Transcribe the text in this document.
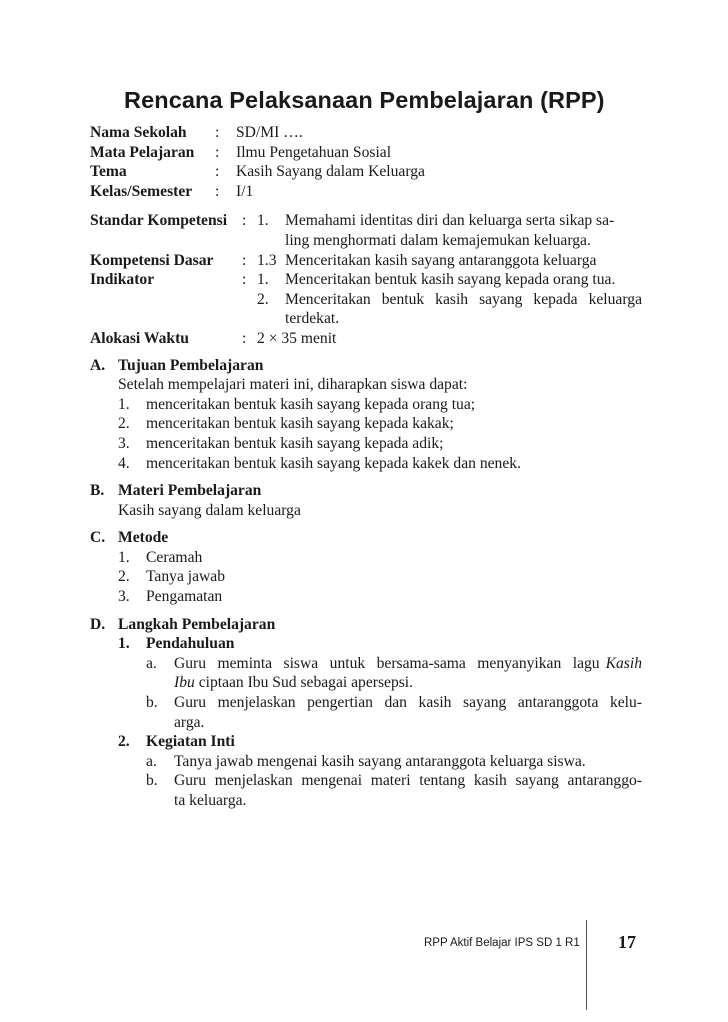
Rencana Pelaksanaan Pembelajaran (RPP)
Nama Sekolah : SD/MI ….
Mata Pelajaran : Ilmu Pengetahuan Sosial
Tema	: Kasih Sayang dalam Keluarga
Kelas/Semester : I/1
Standar Kompetensi : 1. Memahami identitas diri dan keluarga serta sikap sa-
ling menghormati dalam kemajemukan keluarga.
Kompetensi Dasar : 1.3 Menceritakan kasih sayang antaranggota keluarga
Indikator	: 1. Menceritakan bentuk kasih sayang kepada orang tua.
2. Menceritakan bentuk kasih sayang kepada keluarga
terdekat.
Alokasi Waktu	: 2 × 35 menit
A. Tujuan Pembelajaran
Setelah mempelajari materi ini, diharapkan siswa dapat:
1. menceritakan bentuk kasih sayang kepada orang tua;
2. menceritakan bentuk kasih sayang kepada kakak;
3. menceritakan bentuk kasih sayang kepada adik;
4. menceritakan bentuk kasih sayang kepada kakek dan nenek.
B. Materi Pembelajaran
Kasih sayang dalam keluarga
C. Metode
1. Ceramah
2. Tanya jawab
3. Pengamatan
D. Langkah Pembelajaran
1. Pendahuluan
a. Guru meminta siswa untuk bersama-sama menyanyikan lagu Kasih
Ibu ciptaan Ibu Sud sebagai apersepsi.
b. Guru menjelaskan pengertian dan kasih sayang antaranggota kelu-
arga.
2. Kegiatan Inti
a. Tanya jawab mengenai kasih sayang antaranggota keluarga siswa.
b. Guru menjelaskan mengenai materi tentang kasih sayang antaranggo-
ta keluarga.
RPP Aktif Belajar IPS SD 1 R1 17
